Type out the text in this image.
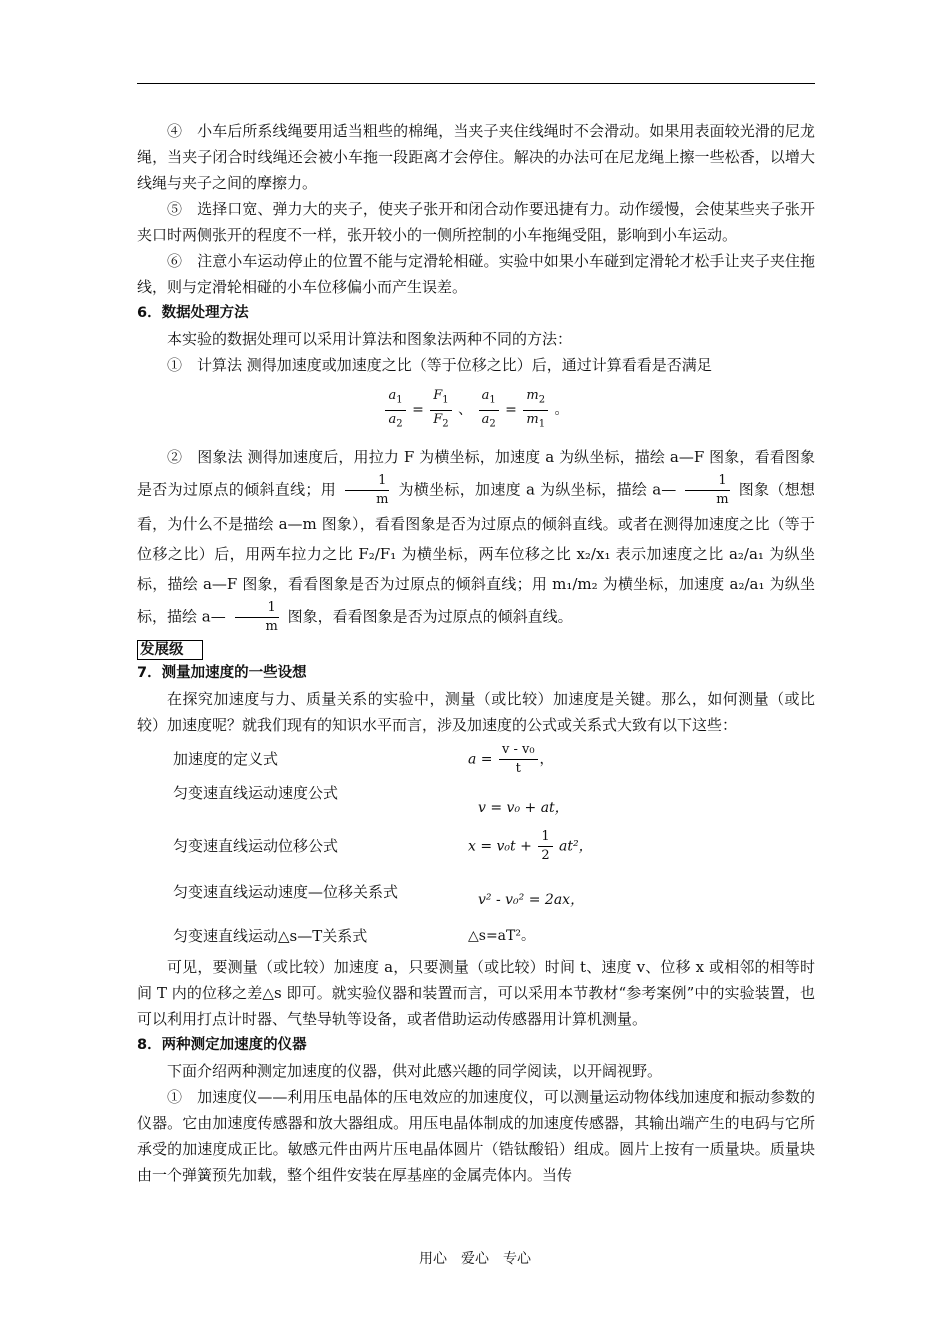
④　小车后所系线绳要用适当粗些的棉绳，当夹子夹住线绳时不会滑动。如果用表面较光滑的尼龙绳，当夹子闭合时线绳还会被小车拖一段距离才会停住。解决的办法可在尼龙绳上擦一些松香，以增大线绳与夹子之间的摩擦力。

⑤　选择口宽、弹力大的夹子，使夹子张开和闭合动作要迅捷有力。动作缓慢，会使某些夹子张开夹口时两侧张开的程度不一样，张开较小的一侧所控制的小车拖绳受阻，影响到小车运动。

⑥　注意小车运动停止的位置不能与定滑轮相碰。实验中如果小车碰到定滑轮才松手让夹子夹住拖线，则与定滑轮相碰的小车位移偏小而产生误差。

6．数据处理方法

本实验的数据处理可以采用计算法和图象法两种不同的方法：

①　计算法 测得加速度或加速度之比（等于位移之比）后，通过计算看看是否满足

$\frac{a_1}{a_2} = \frac{F_1}{F_2}$ 、 $\frac{a_1}{a_2} = \frac{m_2}{m_1}$ 。

②　图象法 测得加速度后，用拉力 F 为横坐标，加速度 a 为纵坐标，描绘 a—F 图象，看看图象是否为过原点的倾斜直线；用 $\frac{1}{m}$ 为横坐标，加速度 a 为纵坐标，描绘 a— $\frac{1}{m}$ 图象（想想看，为什么不是描绘 a—m 图象），看看图象是否为过原点的倾斜直线。或者在测得加速度之比（等于位移之比）后，用两车拉力之比 F₂/F₁ 为横坐标，两车位移之比 x₂/x₁ 表示加速度之比 a₂/a₁ 为纵坐标，描绘 a—F 图象，看看图象是否为过原点的倾斜直线；用 m₁/m₂ 为横坐标，加速度 a₂/a₁ 为纵坐标，描绘 a— $\frac{1}{m}$ 图象，看看图象是否为过原点的倾斜直线。

发展级
7．测量加速度的一些设想

在探究加速度与力、质量关系的实验中，测量（或比较）加速度是关键。那么，如何测量（或比较）加速度呢？就我们现有的知识水平而言，涉及加速度的公式或关系式大致有以下这些：

加速度的定义式	$a = \frac{\text{v - v₀}}{t}$ ，
匀变速直线运动速度公式
v = v₀ + at，
匀变速直线运动位移公式	$x = v_0t + \frac{1}{2} at^2$，
匀变速直线运动速度—位移关系式	v² - v₀² = 2ax，
匀变速直线运动△s—T关系式	△s=aT²。

可见，要测量（或比较）加速度 a，只要测量（或比较）时间 t、速度 v、位移 x 或相邻的相等时间 T 内的位移之差△s 即可。就实验仪器和装置而言，可以采用本节教材“参考案例”中的实验装置，也可以利用打点计时器、气垫导轨等设备，或者借助运动传感器用计算机测量。

8．两种测定加速度的仪器

下面介绍两种测定加速度的仪器，供对此感兴趣的同学阅读，以开阔视野。

①　加速度仪——利用压电晶体的压电效应的加速度仪，可以测量运动物体线加速度和振动参数的仪器。它由加速度传感器和放大器组成。用压电晶体制成的加速度传感器，其输出端产生的电码与它所承受的加速度成正比。敏感元件由两片压电晶体圆片（锆钛酸铅）组成。圆片上按有一质量块。质量块由一个弹簧预先加载，整个组件安装在厚基座的金属壳体内。当传

用心　爱心　专心
